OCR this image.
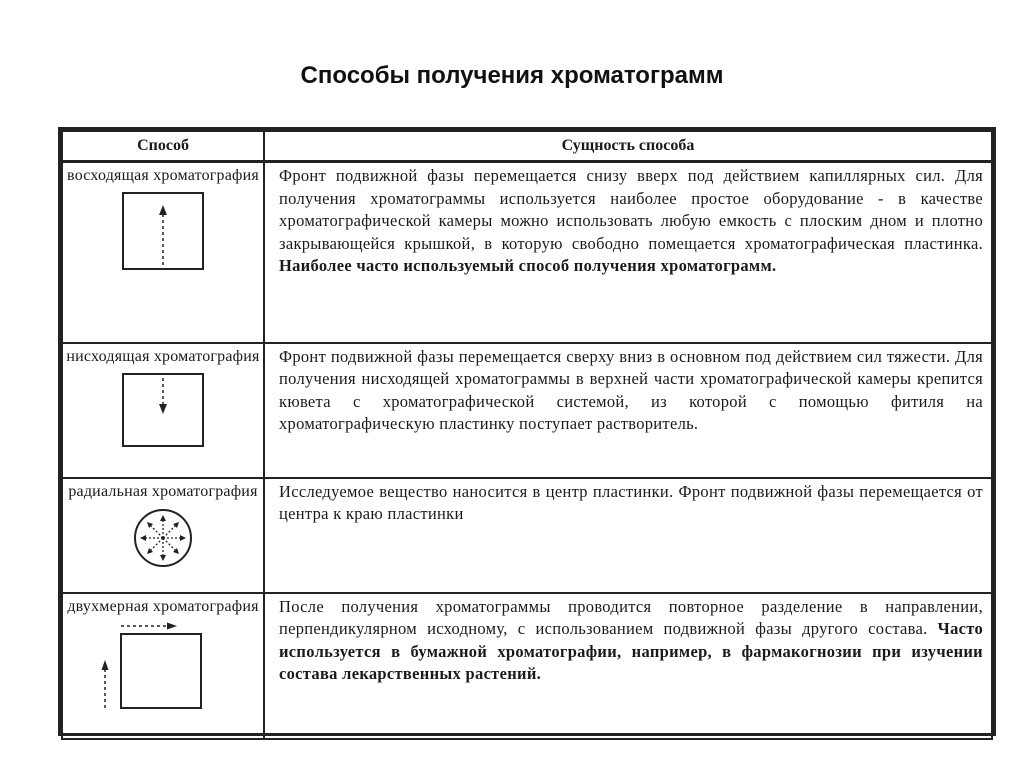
Способы получения хроматограмм
Способ	Сущность способа

восходящая хроматография	Фронт подвижной фазы перемещается снизу вверх под действием капиллярных сил. Для получения хроматограммы используется наиболее простое оборудование - в качестве хроматографической камеры можно использовать любую емкость с плоским дном и плотно закрывающейся крышкой, в которую свободно помещается хроматографическая пластинка. Наиболее часто используемый способ получения хроматограмм.

нисходящая хроматография	Фронт подвижной фазы перемещается сверху вниз в основном под действием сил тяжести. Для получения нисходящей хроматограммы в верхней части хроматографической камеры крепится кювета с хроматографической системой, из которой с помощью фитиля на хроматографическую пластинку поступает растворитель.

радиальная хроматография	Исследуемое вещество наносится в центр пластинки. Фронт подвижной фазы перемещается от центра к краю пластинки

двухмерная хроматография	После получения хроматограммы проводится повторное разделение в направлении, перпендикулярном исходному, с использованием подвижной фазы другого состава. Часто используется в бумажной хроматографии, например, в фармакогнозии при изучении состава лекарственных растений.
